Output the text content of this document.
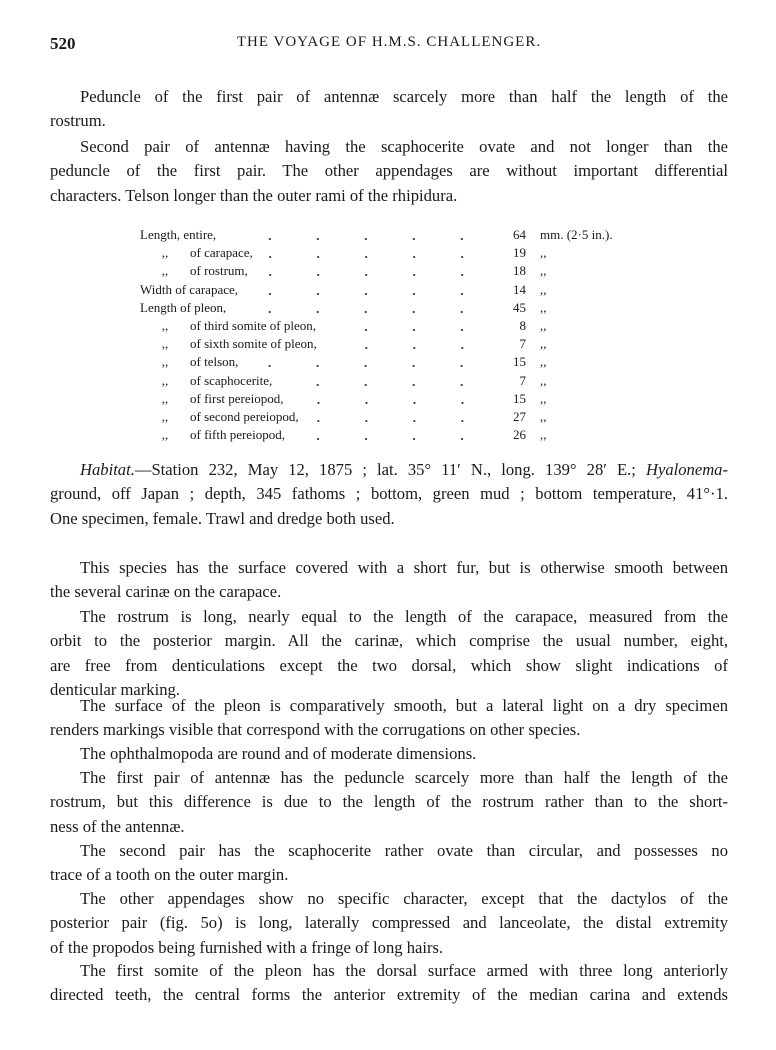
520	THE VOYAGE OF H.M.S. CHALLENGER.
Peduncle of the first pair of antennæ scarcely more than half the length of the
rostrum.
Second pair of antennæ having the scaphocerite ovate and not longer than the
peduncle of the first pair. The other appendages are without important differential
characters. Telson longer than the outer rami of the rhipidura.
Length, entire,	64	mm. (2·5 in.).
,,	of carapace,	19	,,
,,	of rostrum,	18	,,
Width of carapace,	14	,,
Length of pleon,	45	,,
,,	of third somite of pleon,	8	,,
,,	of sixth somite of pleon,	7	,,
,,	of telson,	15	,,
,,	of scaphocerite,	7	,,
,,	of first pereiopod,	15	,,
,,	of second pereiopod,	27	,,
,,	of fifth pereiopod,	26	,,
Habitat.—Station 232, May 12, 1875 ; lat. 35° 11′ N., long. 139° 28′ E.; Hyalonema-
ground, off Japan ; depth, 345 fathoms ; bottom, green mud ; bottom temperature, 41°·1.
One specimen, female. Trawl and dredge both used.
This species has the surface covered with a short fur, but is otherwise smooth between
the several carinæ on the carapace.
The rostrum is long, nearly equal to the length of the carapace, measured from the
orbit to the posterior margin. All the carinæ, which comprise the usual number, eight,
are free from denticulations except the two dorsal, which show slight indications of
denticular marking.
The surface of the pleon is comparatively smooth, but a lateral light on a dry specimen
renders markings visible that correspond with the corrugations on other species.
The ophthalmopoda are round and of moderate dimensions.
The first pair of antennæ has the peduncle scarcely more than half the length of the
rostrum, but this difference is due to the length of the rostrum rather than to the short-
ness of the antennæ.
The second pair has the scaphocerite rather ovate than circular, and possesses no
trace of a tooth on the outer margin.
The other appendages show no specific character, except that the dactylos of the
posterior pair (fig. 5o) is long, laterally compressed and lanceolate, the distal extremity
of the propodos being furnished with a fringe of long hairs.
The first somite of the pleon has the dorsal surface armed with three long anteriorly
directed teeth, the central forms the anterior extremity of the median carina and extends
